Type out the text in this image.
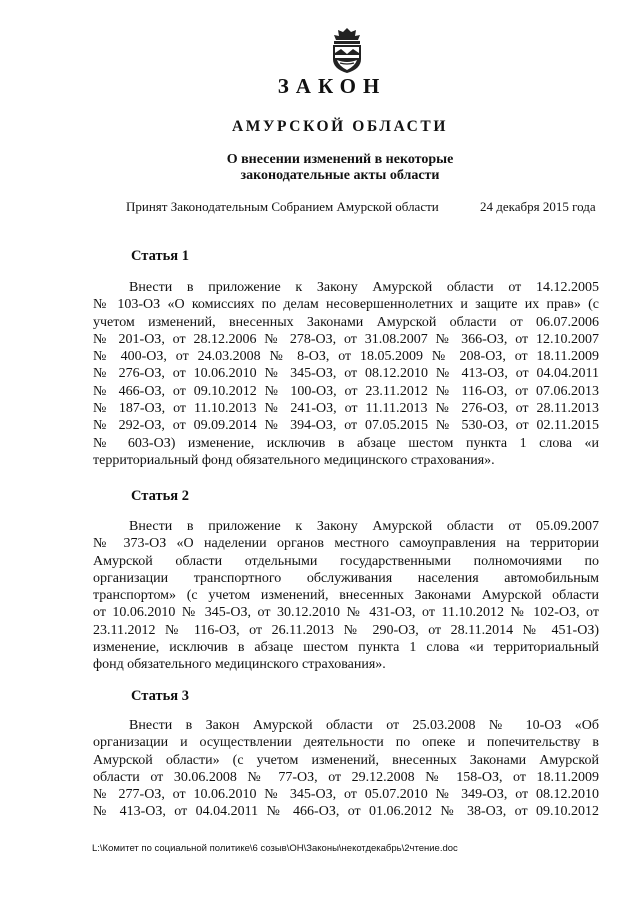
ЗАКОН
АМУРСКОЙ ОБЛАСТИ
О внесении изменений в некоторые
законодательные акты области
Принят Законодательным Собранием Амурской области	24 декабря 2015 года
Статья 1
Внести в приложение к Закону Амурской области от 14.12.2005
№ 103-ОЗ «О комиссиях по делам несовершеннолетних и защите их прав» (с
учетом изменений, внесенных Законами Амурской области от 06.07.2006
№ 201-ОЗ, от 28.12.2006 № 278-ОЗ, от 31.08.2007 № 366-ОЗ, от 12.10.2007
№ 400-ОЗ, от 24.03.2008 № 8-ОЗ, от 18.05.2009 № 208-ОЗ, от 18.11.2009
№ 276-ОЗ, от 10.06.2010 № 345-ОЗ, от 08.12.2010 № 413-ОЗ, от 04.04.2011
№ 466-ОЗ, от 09.10.2012 № 100-ОЗ, от 23.11.2012 № 116-ОЗ, от 07.06.2013
№ 187-ОЗ, от 11.10.2013 № 241-ОЗ, от 11.11.2013 № 276-ОЗ, от 28.11.2013
№ 292-ОЗ, от 09.09.2014 № 394-ОЗ, от 07.05.2015 № 530-ОЗ, от 02.11.2015
№ 603-ОЗ) изменение, исключив в абзаце шестом пункта 1 слова «и
территориальный фонд обязательного медицинского страхования».
Статья 2
Внести в приложение к Закону Амурской области от 05.09.2007
№ 373-ОЗ «О наделении органов местного самоуправления на территории
Амурской области отдельными государственными полномочиями по
организации транспортного обслуживания населения автомобильным
транспортом» (с учетом изменений, внесенных Законами Амурской области
от 10.06.2010 № 345-ОЗ, от 30.12.2010 № 431-ОЗ, от 11.10.2012 № 102-ОЗ, от
23.11.2012 № 116-ОЗ, от 26.11.2013 № 290-ОЗ, от 28.11.2014 № 451-ОЗ)
изменение, исключив в абзаце шестом пункта 1 слова «и территориальный
фонд обязательного медицинского страхования».
Статья 3
Внести в Закон Амурской области от 25.03.2008 № 10-ОЗ «Об
организации и осуществлении деятельности по опеке и попечительству в
Амурской области» (с учетом изменений, внесенных Законами Амурской
области от 30.06.2008 № 77-ОЗ, от 29.12.2008 № 158-ОЗ, от 18.11.2009
№ 277-ОЗ, от 10.06.2010 № 345-ОЗ, от 05.07.2010 № 349-ОЗ, от 08.12.2010
№ 413-ОЗ, от 04.04.2011 № 466-ОЗ, от 01.06.2012 № 38-ОЗ, от 09.10.2012
L:\Комитет по социальной политике\6 созыв\ОН\Законы\некотдекабрь\2чтение.doc
